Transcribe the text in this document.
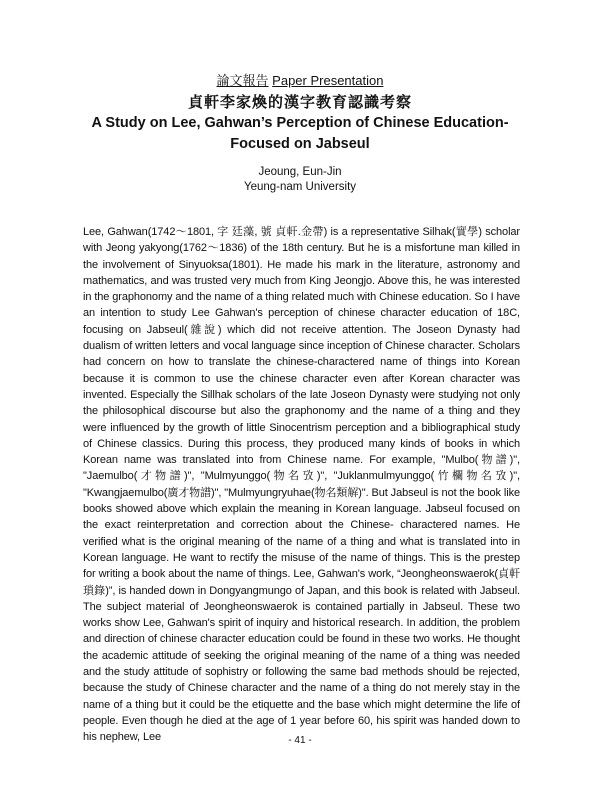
論文報告 Paper Presentation
貞軒李家煥的漢字教育認識考察
A Study on Lee, Gahwan’s Perception of Chinese Education-
Focused on Jabseul
Jeoung, Eun-Jin
Yeung-nam University
Lee, Gahwan(1742～1801, 字 廷藻, 號 貞軒.金帶) is a representative Silhak(實學) scholar with Jeong yakyong(1762～1836) of the 18th century. But he is a misfortune man killed in the involvement of Sinyuoksa(1801). He made his mark in the literature, astronomy and mathematics, and was trusted very much from King Jeongjo. Above this, he was interested in the graphonomy and the name of a thing related much with Chinese education. So I have an intention to study Lee Gahwan's perception of chinese character education of 18C, focusing on Jabseul(雜說) which did not receive attention. The Joseon Dynasty had dualism of written letters and vocal language since inception of Chinese character. Scholars had concern on how to translate the chinese-charactered name of things into Korean because it is common to use the chinese character even after Korean character was invented. Especially the Sillhak scholars of the late Joseon Dynasty were studying not only the philosophical discourse but also the graphonomy and the name of a thing and they were influenced by the growth of little Sinocentrism perception and a bibliographical study of Chinese classics. During this process, they produced many kinds of books in which Korean name was translated into from Chinese name. For example, "Mulbo(物譜)", "Jaemulbo(才物譜)", "Mulmyunggo(物名攷)", "Juklanmulmyunggo(竹欄物名攷)", "Kwangjaemulbo(廣才物譜)", "Mulmyungryuhae(物名類解)". But Jabseul is not the book like books showed above which explain the meaning in Korean language. Jabseul focused on the exact reinterpretation and correction about the Chinese- charactered names. He verified what is the original meaning of the name of a thing and what is translated into in Korean language. He want to rectify the misuse of the name of things. This is the prestep for writing a book about the name of things. Lee, Gahwan's work, “Jeongheonswaerok(貞軒瑣錄)”, is handed down in Dongyangmungo of Japan, and this book is related with Jabseul. The subject material of Jeongheonswaerok is contained partially in Jabseul. These two works show Lee, Gahwan's spirit of inquiry and historical research. In addition, the problem and direction of chinese character education could be found in these two works. He thought the academic attitude of seeking the original meaning of the name of a thing was needed and the study attitude of sophistry or following the same bad methods should be rejected, because the study of Chinese character and the name of a thing do not merely stay in the name of a thing but it could be the etiquette and the base which might determine the life of people. Even though he died at the age of 1 year before 60, his spirit was handed down to his nephew, Lee	- 41 -
